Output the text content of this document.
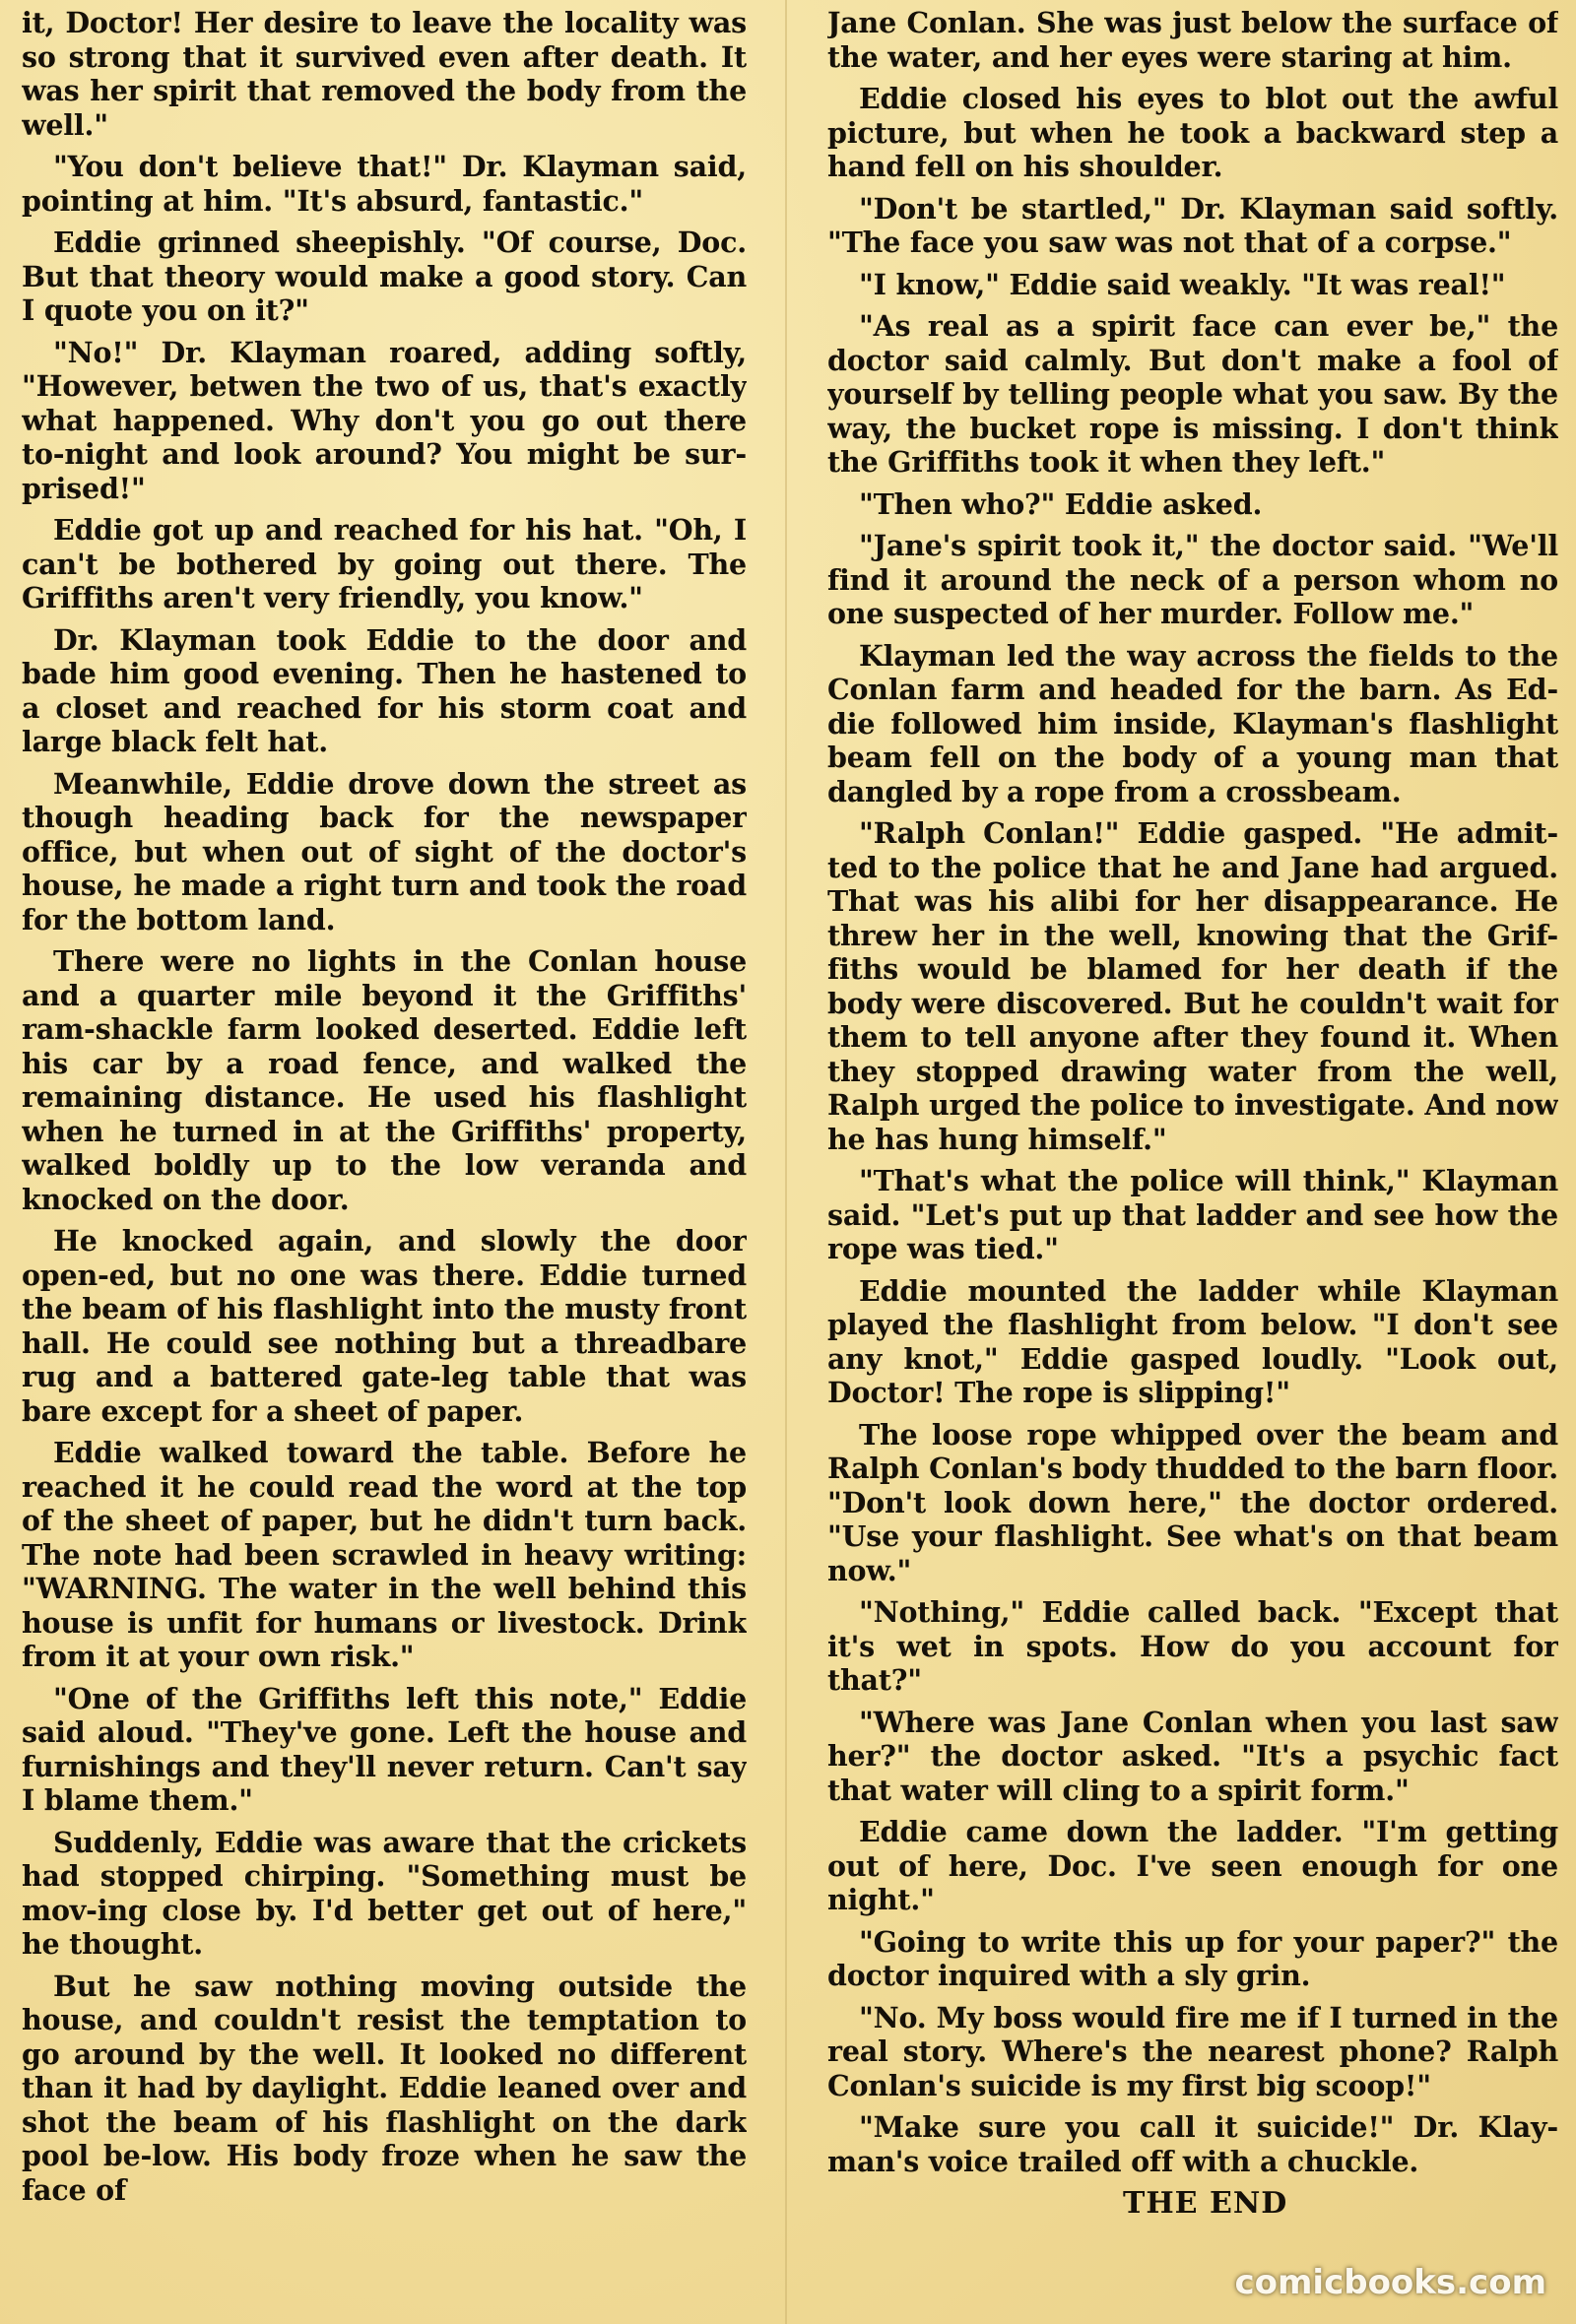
it, Doctor! Her desire to leave the locality was so strong that it survived even after death. It was her spirit that removed the body from the well."

"You don't believe that!" Dr. Klayman said, pointing at him. "It's absurd, fantastic."

Eddie grinned sheepishly. "Of course, Doc. But that theory would make a good story. Can I quote you on it?"

"No!" Dr. Klayman roared, adding softly, "However, betwen the two of us, that's exactly what happened. Why don't you go out there to-night and look around? You might be sur-prised!"

Eddie got up and reached for his hat. "Oh, I can't be bothered by going out there. The Griffiths aren't very friendly, you know."

Dr. Klayman took Eddie to the door and bade him good evening. Then he hastened to a closet and reached for his storm coat and large black felt hat.

Meanwhile, Eddie drove down the street as though heading back for the newspaper office, but when out of sight of the doctor's house, he made a right turn and took the road for the bottom land.

There were no lights in the Conlan house and a quarter mile beyond it the Griffiths' ram-shackle farm looked deserted. Eddie left his car by a road fence, and walked the remaining distance. He used his flashlight when he turned in at the Griffiths' property, walked boldly up to the low veranda and knocked on the door.

He knocked again, and slowly the door open-ed, but no one was there. Eddie turned the beam of his flashlight into the musty front hall. He could see nothing but a threadbare rug and a battered gate-leg table that was bare except for a sheet of paper.

Eddie walked toward the table. Before he reached it he could read the word at the top of the sheet of paper, but he didn't turn back. The note had been scrawled in heavy writing: "WARNING. The water in the well behind this house is unfit for humans or livestock. Drink from it at your own risk."

"One of the Griffiths left this note," Eddie said aloud. "They've gone. Left the house and furnishings and they'll never return. Can't say I blame them."

Suddenly, Eddie was aware that the crickets had stopped chirping. "Something must be mov-ing close by. I'd better get out of here," he thought.

But he saw nothing moving outside the house, and couldn't resist the temptation to go around by the well. It looked no different than it had by daylight. Eddie leaned over and shot the beam of his flashlight on the dark pool be-low. His body froze when he saw the face of

Jane Conlan. She was just below the surface of the water, and her eyes were staring at him.

Eddie closed his eyes to blot out the awful picture, but when he took a backward step a hand fell on his shoulder.

"Don't be startled," Dr. Klayman said softly. "The face you saw was not that of a corpse."

"I know," Eddie said weakly. "It was real!"

"As real as a spirit face can ever be," the doctor said calmly. But don't make a fool of yourself by telling people what you saw. By the way, the bucket rope is missing. I don't think the Griffiths took it when they left."

"Then who?" Eddie asked.

"Jane's spirit took it," the doctor said. "We'll find it around the neck of a person whom no one suspected of her murder. Follow me."

Klayman led the way across the fields to the Conlan farm and headed for the barn. As Ed-die followed him inside, Klayman's flashlight beam fell on the body of a young man that dangled by a rope from a crossbeam.

"Ralph Conlan!" Eddie gasped. "He admit-ted to the police that he and Jane had argued. That was his alibi for her disappearance. He threw her in the well, knowing that the Grif-fiths would be blamed for her death if the body were discovered. But he couldn't wait for them to tell anyone after they found it. When they stopped drawing water from the well, Ralph urged the police to investigate. And now he has hung himself."

"That's what the police will think," Klayman said. "Let's put up that ladder and see how the rope was tied."

Eddie mounted the ladder while Klayman played the flashlight from below. "I don't see any knot," Eddie gasped loudly. "Look out, Doctor! The rope is slipping!"

The loose rope whipped over the beam and Ralph Conlan's body thudded to the barn floor. "Don't look down here," the doctor ordered. "Use your flashlight. See what's on that beam now."

"Nothing," Eddie called back. "Except that it's wet in spots. How do you account for that?"

"Where was Jane Conlan when you last saw her?" the doctor asked. "It's a psychic fact that water will cling to a spirit form."

Eddie came down the ladder. "I'm getting out of here, Doc. I've seen enough for one night."

"Going to write this up for your paper?" the doctor inquired with a sly grin.

"No. My boss would fire me if I turned in the real story. Where's the nearest phone? Ralph Conlan's suicide is my first big scoop!"

"Make sure you call it suicide!" Dr. Klay-man's voice trailed off with a chuckle.

THE END
comicbooks.com
